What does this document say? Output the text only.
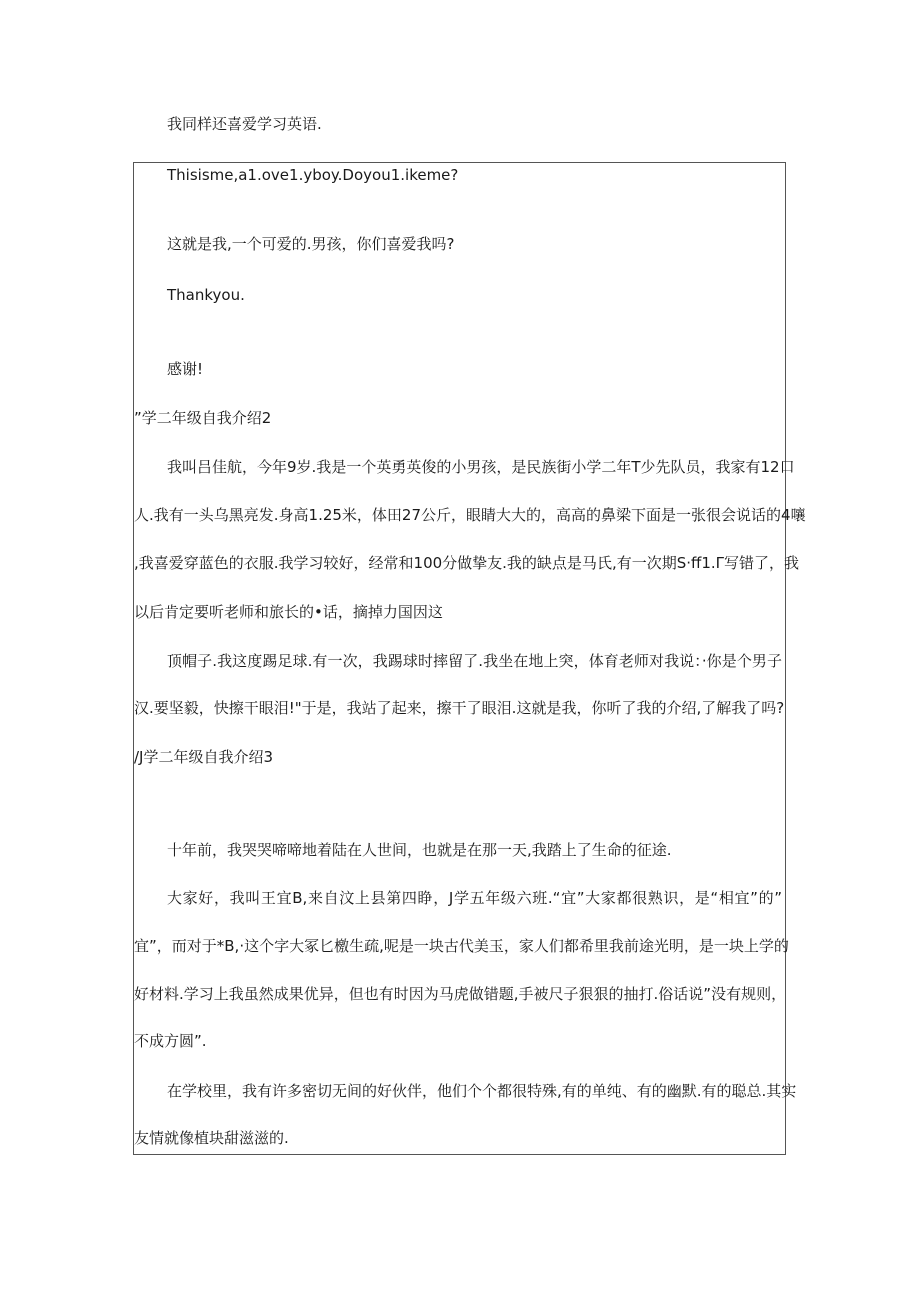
我同样还喜爱学习英语.
Thisisme,a1.ove1.yboy.Doyou1.ikeme?
这就是我,一个可爱的.男孩，你们喜爱我吗?
Thankyou.
感谢!
”学二年级自我介绍2
我叫吕佳航，今年9岁.我是一个英勇英俊的小男孩，是民族街小学二年T少先队员，我家有12口
人.我有一头乌黑亮发.身高1.25米，体田27公斤，眼睛大大的，高高的鼻梁下面是一张很会说话的4嚷
,我喜爱穿蓝色的衣服.我学习较好，经常和100分做挚友.我的缺点是马氏,有一次期S·ff1.Γ写错了，我
以后肯定要听老师和旅长的•话，摘掉力国因这
顶帽子.我这度踢足球.有一次，我踢球时摔留了.我坐在地上突，体育老师对我说：·你是个男子
汉.要坚毅，快擦干眼泪!"于是，我站了起来，擦干了眼泪.这就是我，你听了我的介绍,了解我了吗?
/J学二年级自我介绍3
十年前，我哭哭啼啼地着陆在人世间，也就是在那一天,我踏上了生命的征途.
大家好，我叫王宜B,来自汶上县第四睁，J学五年级六班.“宜”大家都很熟识，是“相宜”的”
宜”，而对于*B,·这个字大冢匕檄生疏,呢是一块古代美玉，家人们都希里我前途光明，是一块上学的
好材料.学习上我虽然成果优异，但也有时因为马虎做错题,手被尺子狠狠的抽打.俗话说”没有规则，
不成方圆”.
在学校里，我有许多密切无间的好伙伴，他们个个都很特殊,有的单纯、有的幽默.有的聪总.其实
友情就像植块甜滋滋的.
